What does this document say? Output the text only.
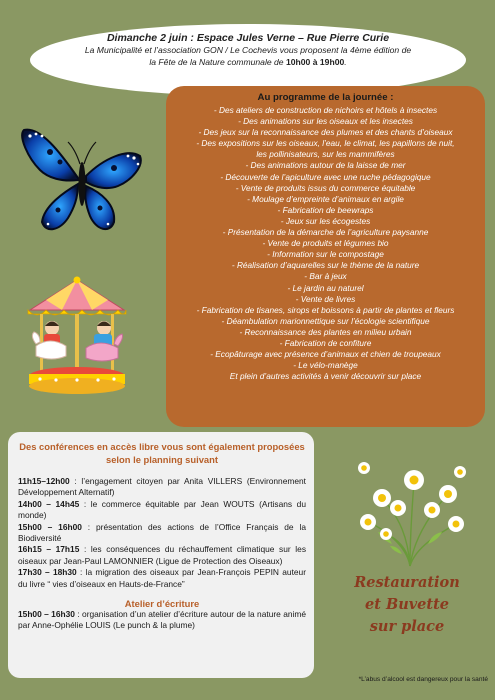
Dimanche 2 juin : Espace Jules Verne – Rue Pierre Curie
La Municipalité et l’association GON / Le Cochevis vous proposent la 4ème édition de
la Fête de la Nature communale de 10h00 à 19h00.
Au programme de la journée :
- Des ateliers de construction de nichoirs et hôtels à insectes
- Des animations sur les oiseaux et les insectes
- Des jeux sur la reconnaissance des plumes et des chants d’oiseaux
- Des expositions sur les oiseaux, l’eau, le climat, les papillons de nuit,
les pollinisateurs, sur les mammifères
- Des animations autour de la laisse de mer
- Découverte de l’apiculture avec une ruche pédagogique
- Vente de produits issus du commerce équitable
- Moulage d’empreinte d’animaux en argile
- Fabrication de beewraps
- Jeux sur les écogestes
- Présentation de la démarche de l’agriculture paysanne
- Vente de produits et légumes bio
- Information sur le compostage
- Réalisation d’aquarelles sur le thème de la nature
- Bar à jeux
- Le jardin au naturel
- Vente de livres
- Fabrication de tisanes, sirops et boissons à partir de plantes et fleurs
- Déambulation marionnettique sur l’écologie scientifique
- Reconnaissance des plantes en milieu urbain
- Fabrication de confiture
- Ecopâturage avec présence d’animaux et chien de troupeaux
- Le vélo-manège
Et plein d’autres activités à venir découvrir sur place
Des conférences en accès libre vous sont également proposées selon le planning suivant
11h15–12h00 : l’engagement citoyen par Anita VILLERS (Environnement Développement Alternatif)
14h00 – 14h45 : le commerce équitable par Jean WOUTS (Artisans du monde)
15h00 – 16h00 : présentation des actions de l’Office Français de la Biodiversité
16h15 – 17h15 : les conséquences du réchauffement climatique sur les oiseaux par Jean-Paul LAMONNIER (Ligue de Protection des Oiseaux)
17h30 – 18h30 : la migration des oiseaux par Jean-François PEPIN auteur du livre “ vies d’oiseaux en Hauts-de-France”
Atelier d’écriture
15h00 – 16h30 : organisation d’un atelier d’écriture autour de la nature animé par Anne-Ophélie LOUIS (Le punch & la plume)
Restauration
et Buvette
sur place
*L’abus d’alcool est dangereux pour la santé
